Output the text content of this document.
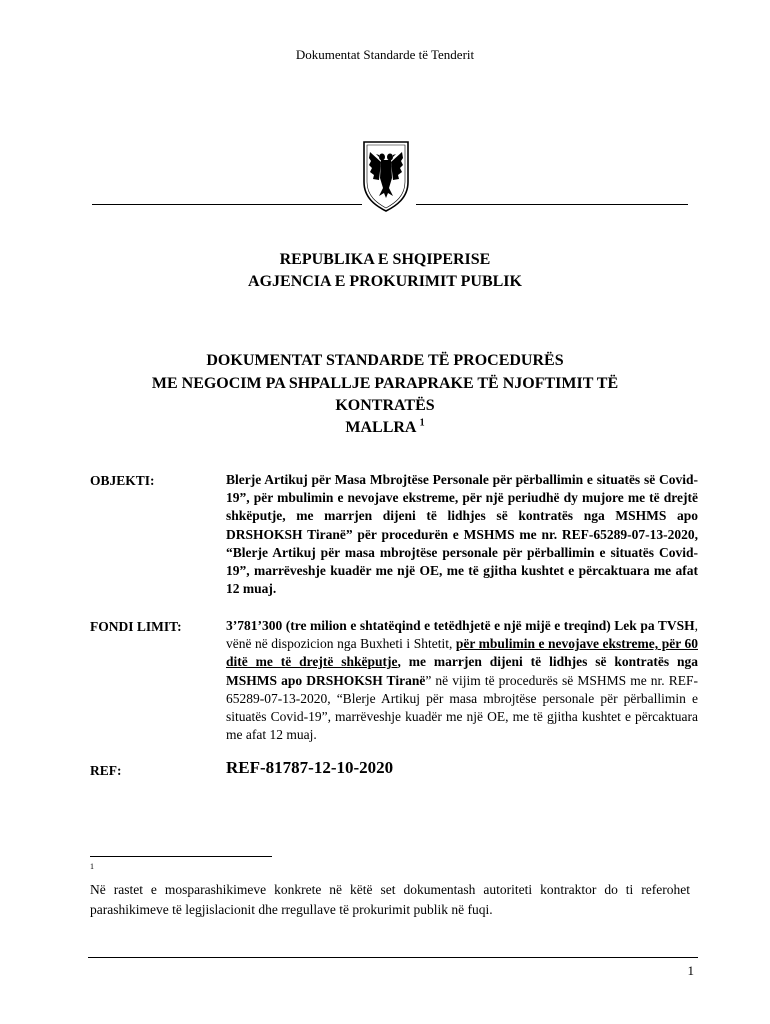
Dokumentat Standarde të Tenderit
REPUBLIKA E SHQIPERISE
AGJENCIA E PROKURIMIT PUBLIK
DOKUMENTAT STANDARDE TË PROCEDURËS
ME NEGOCIM PA SHPALLJE PARAPRAKE TË NJOFTIMIT TË
KONTRATËS
MALLRA $^1$
OBJEKTI:	Blerje Artikuj për Masa Mbrojtëse Personale për përballimin e situatës së Covid-19”, për mbulimin e nevojave ekstreme, për një periudhë dy mujore me të drejtë shkëputje, me marrjen dijeni të lidhjes së kontratës nga MSHMS apo DRSHOKSH Tiranë” për procedurën e MSHMS me nr. REF-65289-07-13-2020, “Blerje Artikuj për masa mbrojtëse personale për përballimin e situatës Covid-19”, marrëveshje kuadër me një OE, me të gjitha kushtet e përcaktuara me afat 12 muaj.
FONDI LIMIT:	3’781’300 (tre milion e shtatëqind e tetëdhjetë e një mijë e treqind) Lek pa TVSH, vënë në dispozicion nga Buxheti i Shtetit, për mbulimin e nevojave ekstreme, për 60 ditë me të drejtë shkëputje, me marrjen dijeni të lidhjes së kontratës nga MSHMS apo DRSHOKSH Tiranë” në vijim të procedurës së MSHMS me nr. REF-65289-07-13-2020, “Blerje Artikuj për masa mbrojtëse personale për përballimin e situatës Covid-19”, marrëveshje kuadër me një OE, me të gjitha kushtet e përcaktuara me afat 12 muaj.
REF:	REF-81787-12-10-2020
1
Në rastet e mosparashikimeve konkrete në këtë set dokumentash autoriteti kontraktor do ti referohet parashikimeve të legjislacionit dhe rregullave të prokurimit publik në fuqi.
1
